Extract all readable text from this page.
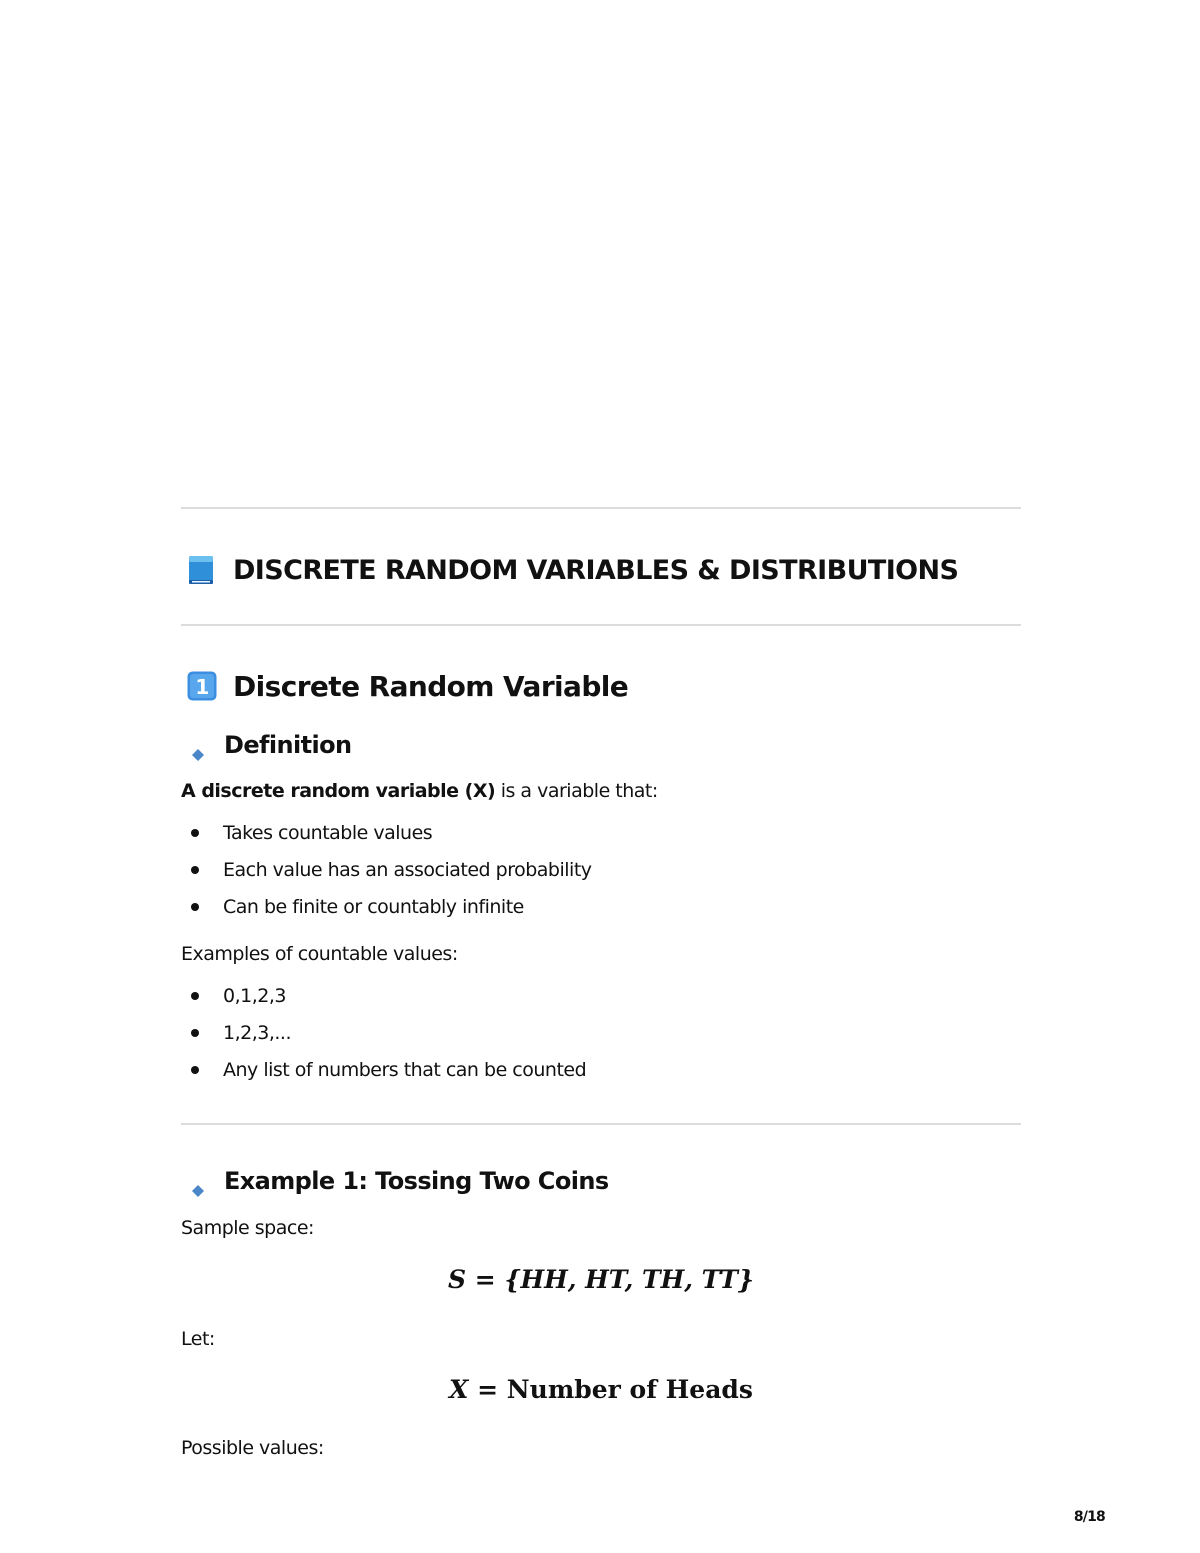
DISCRETE RANDOM VARIABLES & DISTRIBUTIONS
1 Discrete Random Variable
Definition
A discrete random variable (X) is a variable that:
Takes countable values
Each value has an associated probability
Can be finite or countably infinite
Examples of countable values:
0,1,2,3
1,2,3,...
Any list of numbers that can be counted
Example 1: Tossing Two Coins
Sample space:
S = {HH, HT, TH, TT}
Let:
X = Number of Heads
Possible values:
8/18
